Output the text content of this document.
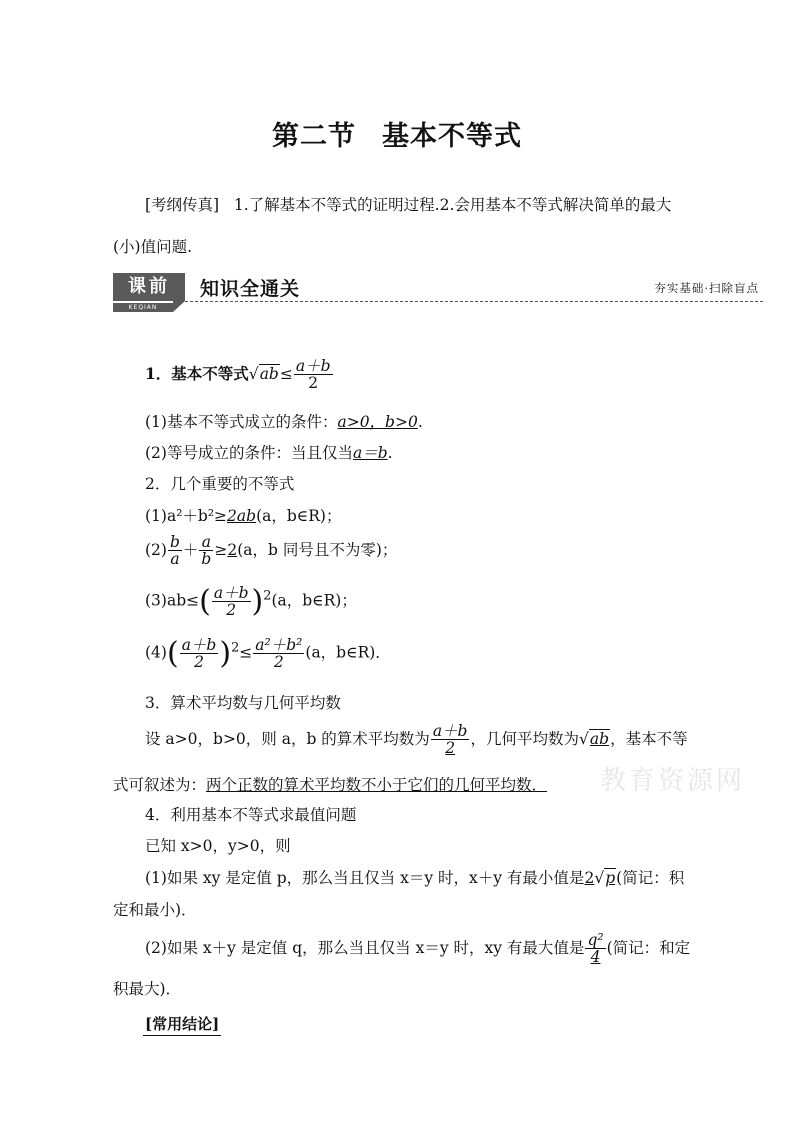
第二节 基本不等式
[考纲传真] 1.了解基本不等式的证明过程.2.会用基本不等式解决简单的最大
(小)值问题.
课前
KEQIAN
知识全通关	夯实基础·扫除盲点
1．基本不等式$√ab\le \frac{a+b}{2}$
(1)基本不等式成立的条件：a>0，b>0.
(2)等号成立的条件：当且仅当a＝b.
2．几个重要的不等式
(1)a²＋b²≥2ab(a，b∈R)；
$(2) \frac{b}{a} + \frac{a}{b} \ge 2(a$，b 同号且不为零)；
$(3)ab\le( \frac{a+b}{2} )^2(a$，b∈R)；
$(4)( \frac{a+b}{2} )^2\le \frac{\text{a²＋b²}}{2} (a$，b∈R)．
3．算术平均数与几何平均数
设 a>0，b>0，则 a，b 的算术平均数为 $\frac{a+b}{2}$ ，几何平均数为√ab，基本不等
式可叙述为：两个正数的算术平均数不小于它们的几何平均数． 教育资源网
4．利用基本不等式求最值问题
已知 x>0，y>0，则
(1)如果 xy 是定值 p，那么当且仅当 x＝y 时，x＋y 有最小值是2√p(简记：积
定和最小)．
(2)如果 x＋y 是定值 q，那么当且仅当 x＝y 时，xy 有最大值是 $\frac{\text{q²}}{4}$ (简记：和定
积最大)．
[常用结论]
